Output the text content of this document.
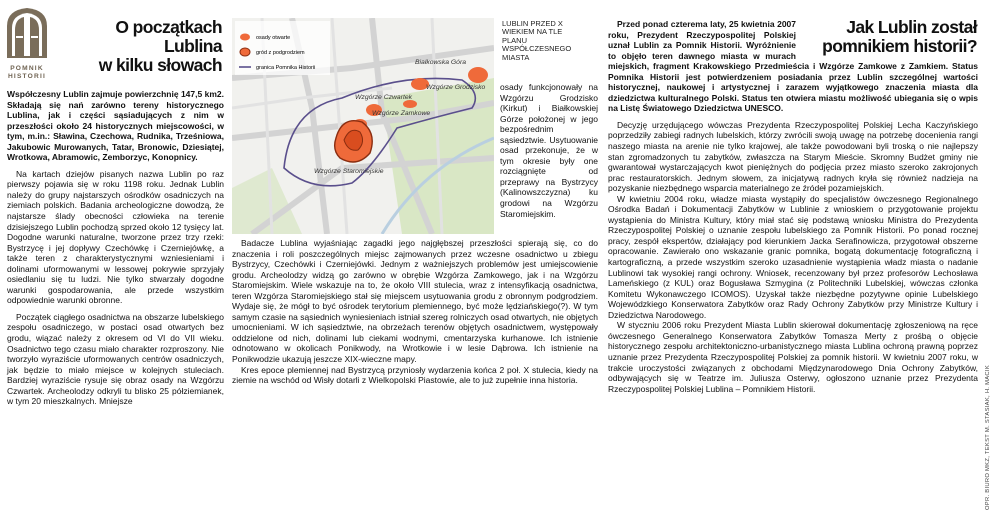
POMNIK
HISTORII
O początkach Lublina
w kilku słowach

Współczesny Lublin zajmuje powierzchnię 147,5 km2. Składają się nań zarówno tereny historycznego Lublina, jak i części sąsiadujących z nim w przeszłości około 24 historycznych miejscowości, w tym, m.in.: Sławina, Czechowa, Rudnika, Trześniowa, Jakubowic Murowanych, Tatar, Bronowic, Dziesiątej, Wrotkowa, Abramowic, Zemborzyc, Konopnicy.

Na kartach dziejów pisanych nazwa Lublin po raz pierwszy pojawia się w roku 1198 roku. Jednak Lublin należy do grupy najstarszych ośrodków osadniczych na ziemiach polskich. Badania archeologiczne dowodzą, że najstarsze ślady obecności człowieka na terenie dzisiejszego Lublin pochodzą sprzed około 12 tysięcy lat. Dogodne warunki naturalne, tworzone przez trzy rzeki: Bystrzycę i jej dopływy Czechówkę i Czerniejówkę, a także teren z charakterystycznymi wzniesieniami i dolinami uformowanymi w lessowej pokrywie sprzyjały osiedlaniu się tu ludzi. Nie tylko stwarzały dogodne warunki gospodarowania, ale przede wszystkim odpowiednie warunki obronne.

Początek ciągłego osadnictwa na obszarze lubelskiego zespołu osadniczego, w postaci osad otwartych bez grodu, wiązać należy z okresem od VI do VII wieku. Osadnictwo tego czasu miało charakter rozproszony. Nie tworzyło wyraziście uformowanych centrów osadniczych, jak będzie to miało miejsce w kolejnych stuleciach. Bardziej wyraziście rysuje się obraz osady na Wzgórzu Czwartek. Archeolodzy odkryli tu blisko 25 półziemianek, w tym 20 mieszkalnych. Mniejsze

Wzgórze Czwartek
Białkowska Góra
Wzgórze Grodzisko
Wzgórze Zamkowe
Wzgórze Staromiejskie
osady otwarte
gród z podgrodziem
granica Pomnika Historii
LUBLIN PRZED X WIEKIEM NA TLE PLANU WSPÓŁCZESNEGO MIASTA
osady funkcjonowały na Wzgórzu Grodzisko (Kirkut) i Białkowskiej Górze położonej w jego bezpośrednim sąsiedztwie. Usytuowanie osad przekonuje, że w tym okresie były one rozciągnięte od przeprawy na Bystrzycy (Kalinowszczyzna) ku grodowi na Wzgórzu Staromiejskim.

Badacze Lublina wyjaśniając zagadki jego najgłębszej przeszłości spierają się, co do znaczenia i roli poszczególnych miejsc zajmowanych przez wczesne osadnictwo u zbiegu Bystrzycy, Czechówki i Czerniejówki. Jednym z ważniejszych problemów jest umiejscowienie grodu. Archeolodzy widzą go zarówno w obrębie Wzgórza Zamkowego, jak i na Wzgórzu Staromiejskim. Wiele wskazuje na to, że około VIII stulecia, wraz z intensyfikacją osadnictwa, teren Wzgórza Staromiejskiego stał się miejscem usytuowania grodu z obronnym podgrodziem. Wydaje się, że mógł to być ośrodek terytorium plemiennego, być może lędziańskiego(?). W tym samym czasie na sąsiednich wyniesieniach istniał szereg rolniczych osad otwartych, nie objętych umocnieniami. W ich sąsiedztwie, na obrzeżach terenów objętych osadnictwem, występowały oddzielone od nich, dolinami lub ciekami wodnymi, cmentarzyska kurhanowe. Ich istnienie odnotowano w okolicach Ponikwody, na Wrotkowie i w lesie Dąbrowa. Ich istnienie na Ponikwodzie ukazują jeszcze XIX-wieczne mapy.

Kres epoce plemiennej nad Bystrzycą przyniosły wydarzenia końca 2 poł. X stulecia, kiedy na ziemie na wschód od Wisły dotarli z Wielkopolski Piastowie, ale to już zupełnie inna historia.

Jak Lublin został
pomnikiem historii?

Przed ponad czterema laty, 25 kwietnia 2007 roku, Prezydent Rzeczypospolitej Polskiej uznał Lublin za Pomnik Historii. Wyróżnienie to objęło teren dawnego miasta w murach miejskich, fragment Krakowskiego Przedmieścia i Wzgórze Zamkowe z Zamkiem. Status Pomnika Historii jest potwierdzeniem posiadania przez Lublin szczególnej wartości historycznej, naukowej i artystycznej i zarazem wyjątkowego znaczenia miasta dla dziedzictwa kulturalnego Polski. Status ten otwiera miastu możliwość ubiegania się o wpis na Listę Światowego Dziedzictwa UNESCO.

Decyzję urzędującego wówczas Prezydenta Rzeczypospolitej Polskiej Lecha Kaczyńskiego poprzedziły zabiegi radnych lubelskich, którzy zwrócili swoją uwagę na potrzebę docenienia rangi naszego miasta na arenie nie tylko krajowej, ale także powodowani byli troską o nie najlepszy stan zgromadzonych tu zabytków, zwłaszcza na Starym Mieście. Skromny Budżet gminy nie gwarantował wystarczających kwot pieniężnych do podjęcia przez miasto szeroko zakrojonych prac restauratorskich. Jednym słowem, za inicjatywą radnych kryła się również nadzieja na pozyskanie niezbędnego wsparcia materialnego ze źródeł pozamiejskich.

W kwietniu 2004 roku, władze miasta wystąpiły do specjalistów ówczesnego Regionalnego Ośrodka Badań i Dokumentacji Zabytków w Lublinie z wnioskiem o przygotowanie projektu wystąpienia do Ministra Kultury, który miał stać się podstawą wniosku Ministra do Prezydenta Rzeczypospolitej Polskiej o uznanie zespołu lubelskiego za Pomnik Historii. Po ponad rocznej pracy, zespół ekspertów, działający pod kierunkiem Jacka Serafinowicza, przygotował obszerne opracowanie. Zawierało ono wskazanie granic pomnika, bogatą dokumentację fotograficzną i kartograficzną, a przede wszystkim szeroko uzasadnienie wystąpienia władz miasta o nadanie Lublinowi tak wysokiej rangi ochrony. Wniosek, recenzowany był przez profesorów Lechosława Lameńskiego (z KUL) oraz Bogusława Szmygina (z Politechniki Lubelskiej, wówczas członka Komitetu Wykonawczego ICOMOS). Uzyskał także niezbędne pozytywne opinie Lubelskiego Wojewódzkiego Konserwatora Zabytków oraz Rady Ochrony Zabytków przy Ministrze Kultury i Dziedzictwa Narodowego.

W styczniu 2006 roku Prezydent Miasta Lublin skierował dokumentację zgłoszeniową na ręce ówczesnego Generalnego Konserwatora Zabytków Tomasza Merty z prośbą o objęcie historycznego zespołu architektoniczno-urbanistycznego miasta Lublina ochroną prawną poprzez uznanie przez Prezydenta Rzeczypospolitej Polskiej za pomnik historii. W kwietniu 2007 roku, w trakcie uroczystości związanych z obchodami Międzynarodowego Dnia Ochrony Zabytków, odbywających się w Teatrze im. Juliusza Osterwy, ogłoszono uznanie przez Prezydenta Rzeczypospolitej Polskiej Lublina – Pomnikiem Historii.	OPR. BIURO MKZ, TEKST M. STASIAK, H. MACIK
